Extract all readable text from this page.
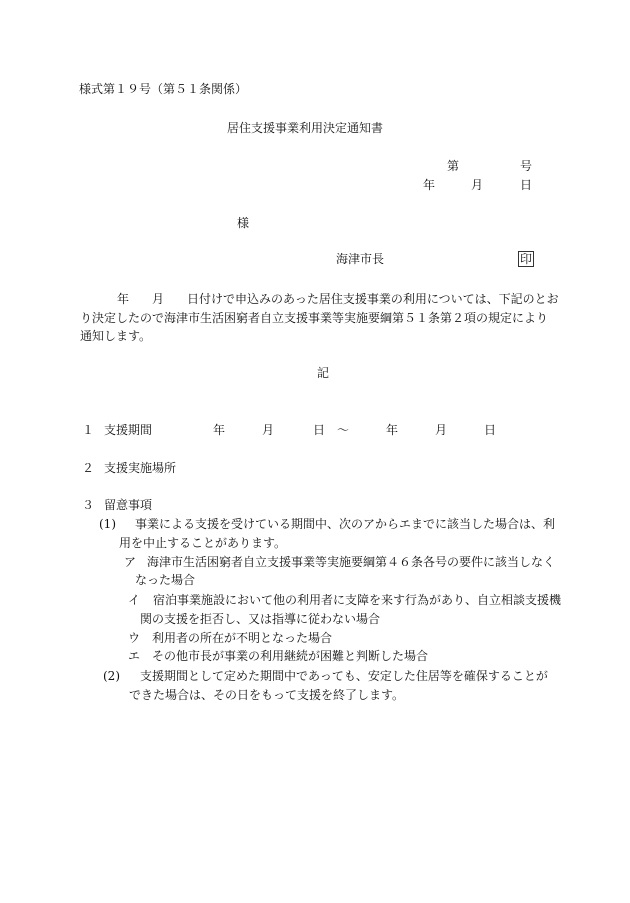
様式第１９号（第５１条関係）
居住支援事業利用決定通知書
第	号
年	月	日
様
海津市長	印
年 月 日付けで申込みのあった居住支援事業の利用については、下記のとお
り決定したので海津市生活困窮者自立支援事業等実施要綱第５１条第２項の規定により
通知します。
記
１ 支援期間	年	月	日 ～	年	月	日
２ 支援実施場所
３ 留意事項
(1) 事業による支援を受けている期間中、次のアからエまでに該当した場合は、利
用を中止することがあります。
ア 海津市生活困窮者自立支援事業等実施要綱第４６条各号の要件に該当しなく
なった場合
イ 宿泊事業施設において他の利用者に支障を来す行為があり、自立相談支援機
関の支援を拒否し、又は指導に従わない場合
ウ 利用者の所在が不明となった場合
エ その他市長が事業の利用継続が困難と判断した場合
(2) 支援期間として定めた期間中であっても、安定した住居等を確保することが
できた場合は、その日をもって支援を終了します。
